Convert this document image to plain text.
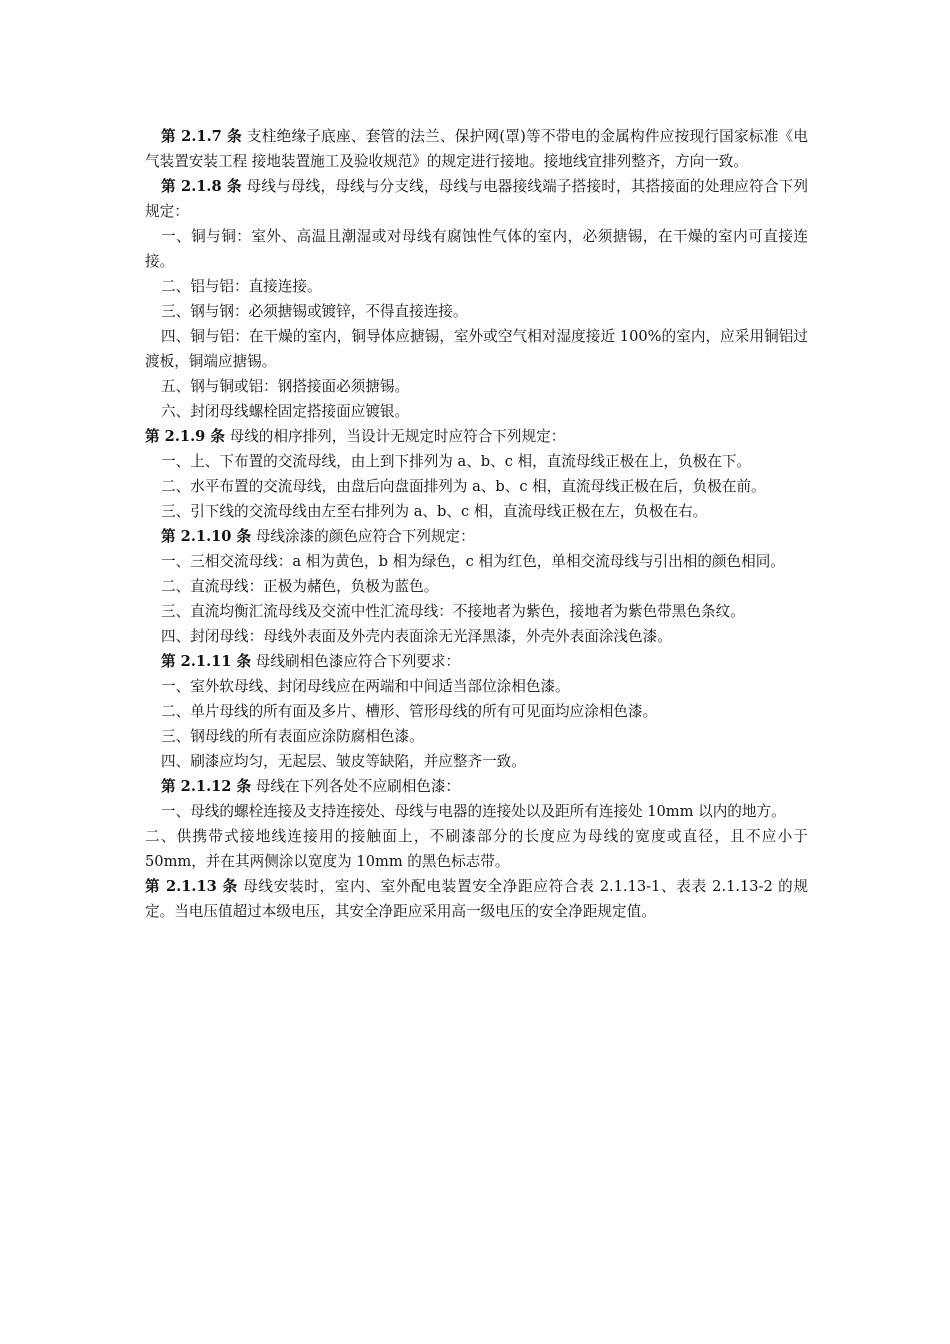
第 2.1.7 条 支柱绝缘子底座、套管的法兰、保护网(罩)等不带电的金属构件应按现行国家标准《电气装置安装工程 接地装置施工及验收规范》的规定进行接地。接地线宜排列整齐，方向一致。

第 2.1.8 条 母线与母线，母线与分支线，母线与电器接线端子搭接时，其搭接面的处理应符合下列规定：

一、铜与铜：室外、高温且潮湿或对母线有腐蚀性气体的室内，必须搪锡，在干燥的室内可直接连接。

二、铝与铝：直接连接。

三、钢与钢：必须搪锡或镀锌，不得直接连接。

四、铜与铝：在干燥的室内，铜导体应搪锡，室外或空气相对湿度接近 100%的室内，应采用铜铝过渡板，铜端应搪锡。

五、钢与铜或铝：钢搭接面必须搪锡。

六、封闭母线螺栓固定搭接面应镀银。

第 2.1.9 条 母线的相序排列，当设计无规定时应符合下列规定：

一、上、下布置的交流母线，由上到下排列为 a、b、c 相，直流母线正极在上，负极在下。

二、水平布置的交流母线，由盘后向盘面排列为 a、b、c 相，直流母线正极在后，负极在前。

三、引下线的交流母线由左至右排列为 a、b、c 相，直流母线正极在左，负极在右。

第 2.1.10 条 母线涂漆的颜色应符合下列规定：

一、三相交流母线：a 相为黄色，b 相为绿色，c 相为红色，单相交流母线与引出相的颜色相同。

二、直流母线：正极为赭色，负极为蓝色。

三、直流均衡汇流母线及交流中性汇流母线：不接地者为紫色，接地者为紫色带黑色条纹。

四、封闭母线：母线外表面及外壳内表面涂无光泽黑漆，外壳外表面涂浅色漆。

第 2.1.11 条 母线刷相色漆应符合下列要求：

一、室外软母线、封闭母线应在两端和中间适当部位涂相色漆。

二、单片母线的所有面及多片、槽形、管形母线的所有可见面均应涂相色漆。

三、钢母线的所有表面应涂防腐相色漆。

四、刷漆应均匀，无起层、皱皮等缺陷，并应整齐一致。

第 2.1.12 条 母线在下列各处不应刷相色漆：

一、母线的螺栓连接及支持连接处、母线与电器的连接处以及距所有连接处 10mm 以内的地方。

二、供携带式接地线连接用的接触面上，不刷漆部分的长度应为母线的宽度或直径，且不应小于 50mm，并在其两侧涂以宽度为 10mm 的黑色标志带。

第 2.1.13 条 母线安装时，室内、室外配电装置安全净距应符合表 2.1.13-1、表表 2.1.13-2 的规定。当电压值超过本级电压，其安全净距应采用高一级电压的安全净距规定值。
